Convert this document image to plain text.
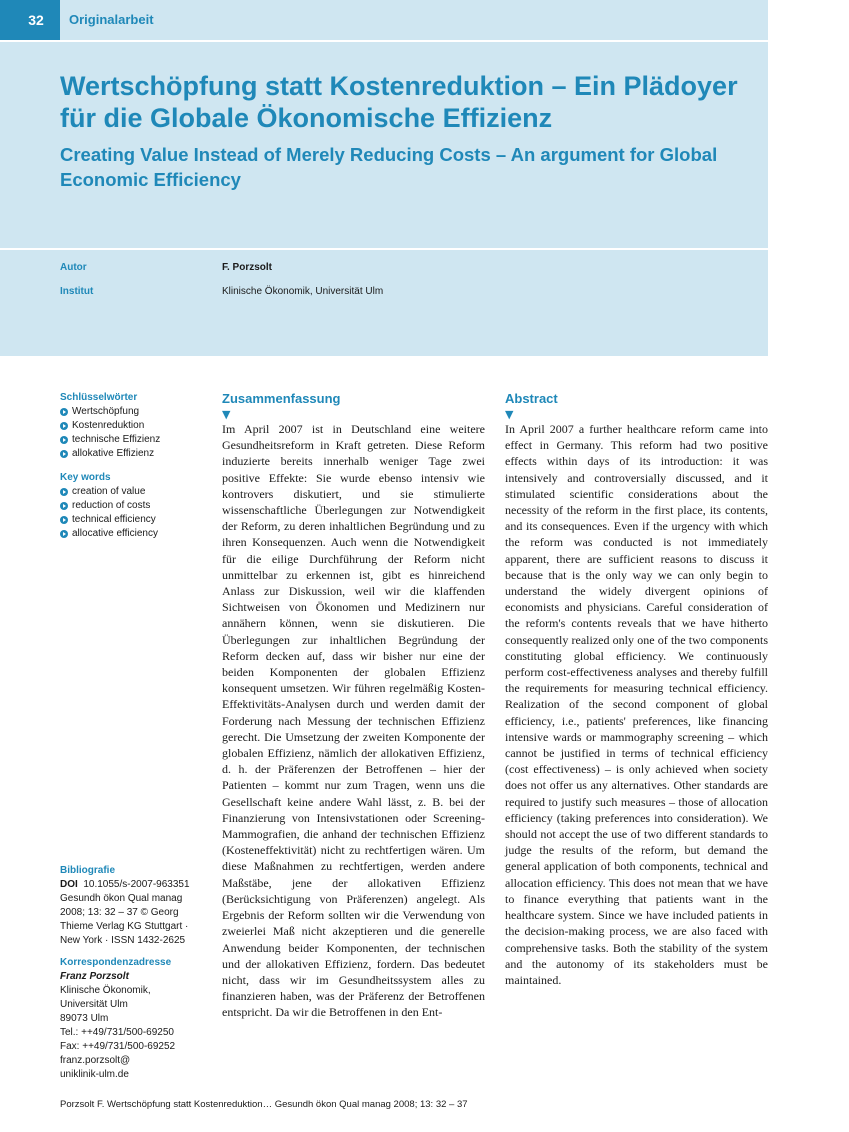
32	Originalarbeit
Wertschöpfung statt Kostenreduktion – Ein Plädoyer für die Globale Ökonomische Effizienz
Creating Value Instead of Merely Reducing Costs – An argument for Global Economic Efficiency
Autor	F. Porzsolt
Institut	Klinische Ökonomik, Universität Ulm
Schlüsselwörter
Wertschöpfung
Kostenreduktion
technische Effizienz
allokative Effizienz
Key words
creation of value
reduction of costs
technical efficiency
allocative efficiency
Bibliografie
DOI 10.1055/s-2007-963351
Gesundh ökon Qual manag
2008; 13: 32 – 37 © Georg
Thieme Verlag KG Stuttgart ·
New York · ISSN 1432-2625
Korrespondenzadresse
Franz Porzsolt
Klinische Ökonomik,
Universität Ulm
89073 Ulm
Tel.: ++49/731/500-69250
Fax: ++49/731/500-69252
franz.porzsolt@
uniklinik-ulm.de
Zusammenfassung
▼

Im April 2007 ist in Deutschland eine weitere Gesundheitsreform in Kraft getreten. Diese Reform induzierte bereits innerhalb weniger Tage zwei positive Effekte: Sie wurde ebenso intensiv wie kontrovers diskutiert, und sie stimulierte wissenschaftliche Überlegungen zur Notwendigkeit der Reform, zu deren inhaltlichen Begründung und zu ihren Konsequenzen. Auch wenn die Notwendigkeit für die eilige Durchführung der Reform nicht unmittelbar zu erkennen ist, gibt es hinreichend Anlass zur Diskussion, weil wir die klaffenden Sichtweisen von Ökonomen und Medizinern nur annähern können, wenn sie diskutieren. Die Überlegungen zur inhaltlichen Begründung der Reform decken auf, dass wir bisher nur eine der beiden Komponenten der globalen Effizienz konsequent umsetzen. Wir führen regelmäßig Kosten-Effektivitäts-Analysen durch und werden damit der Forderung nach Messung der technischen Effizienz gerecht. Die Umsetzung der zweiten Komponente der globalen Effizienz, nämlich der allokativen Effizienz, d. h. der Präferenzen der Betroffenen – hier der Patienten – kommt nur zum Tragen, wenn uns die Gesellschaft keine andere Wahl lässt, z. B. bei der Finanzierung von Intensivstationen oder Screening-Mammografien, die anhand der technischen Effizienz (Kosteneffektivität) nicht zu rechtfertigen wären. Um diese Maßnahmen zu rechtfertigen, werden andere Maßstäbe, jene der allokativen Effizienz (Berücksichtigung von Präferenzen) angelegt. Als Ergebnis der Reform sollten wir die Verwendung von zweierlei Maß nicht akzeptieren und die generelle Anwendung beider Komponenten, der technischen und der allokativen Effizienz, fordern. Das bedeutet nicht, dass wir im Gesundheitssystem alles zu finanzieren haben, was der Präferenz der Betroffenen entspricht. Da wir die Betroffenen in den Ent-

Abstract
▼

In April 2007 a further healthcare reform came into effect in Germany. This reform had two positive effects within days of its introduction: it was intensively and controversially discussed, and it stimulated scientific considerations about the necessity of the reform in the first place, its contents, and its consequences. Even if the urgency with which the reform was conducted is not immediately apparent, there are sufficient reasons to discuss it because that is the only way we can only begin to understand the widely divergent opinions of economists and physicians. Careful consideration of the reform's contents reveals that we have hitherto consequently realized only one of the two components constituting global efficiency. We continuously perform cost-effectiveness analyses and thereby fulfill the requirements for measuring technical efficiency. Realization of the second component of global efficiency, i.e., patients' preferences, like financing intensive wards or mammography screening – which cannot be justified in terms of technical efficiency (cost effectiveness) – is only achieved when society does not offer us any alternatives. Other standards are required to justify such measures – those of allocation efficiency (taking preferences into consideration). We should not accept the use of two different standards to judge the results of the reform, but demand the general application of both components, technical and allocation efficiency. This does not mean that we have to finance everything that patients want in the healthcare system. Since we have included patients in the decision-making process, we are also faced with comprehensive tasks. Both the stability of the system and the autonomy of its stakeholders must be maintained.

Porzsolt F. Wertschöpfung statt Kostenreduktion… Gesundh ökon Qual manag 2008; 13: 32 – 37
